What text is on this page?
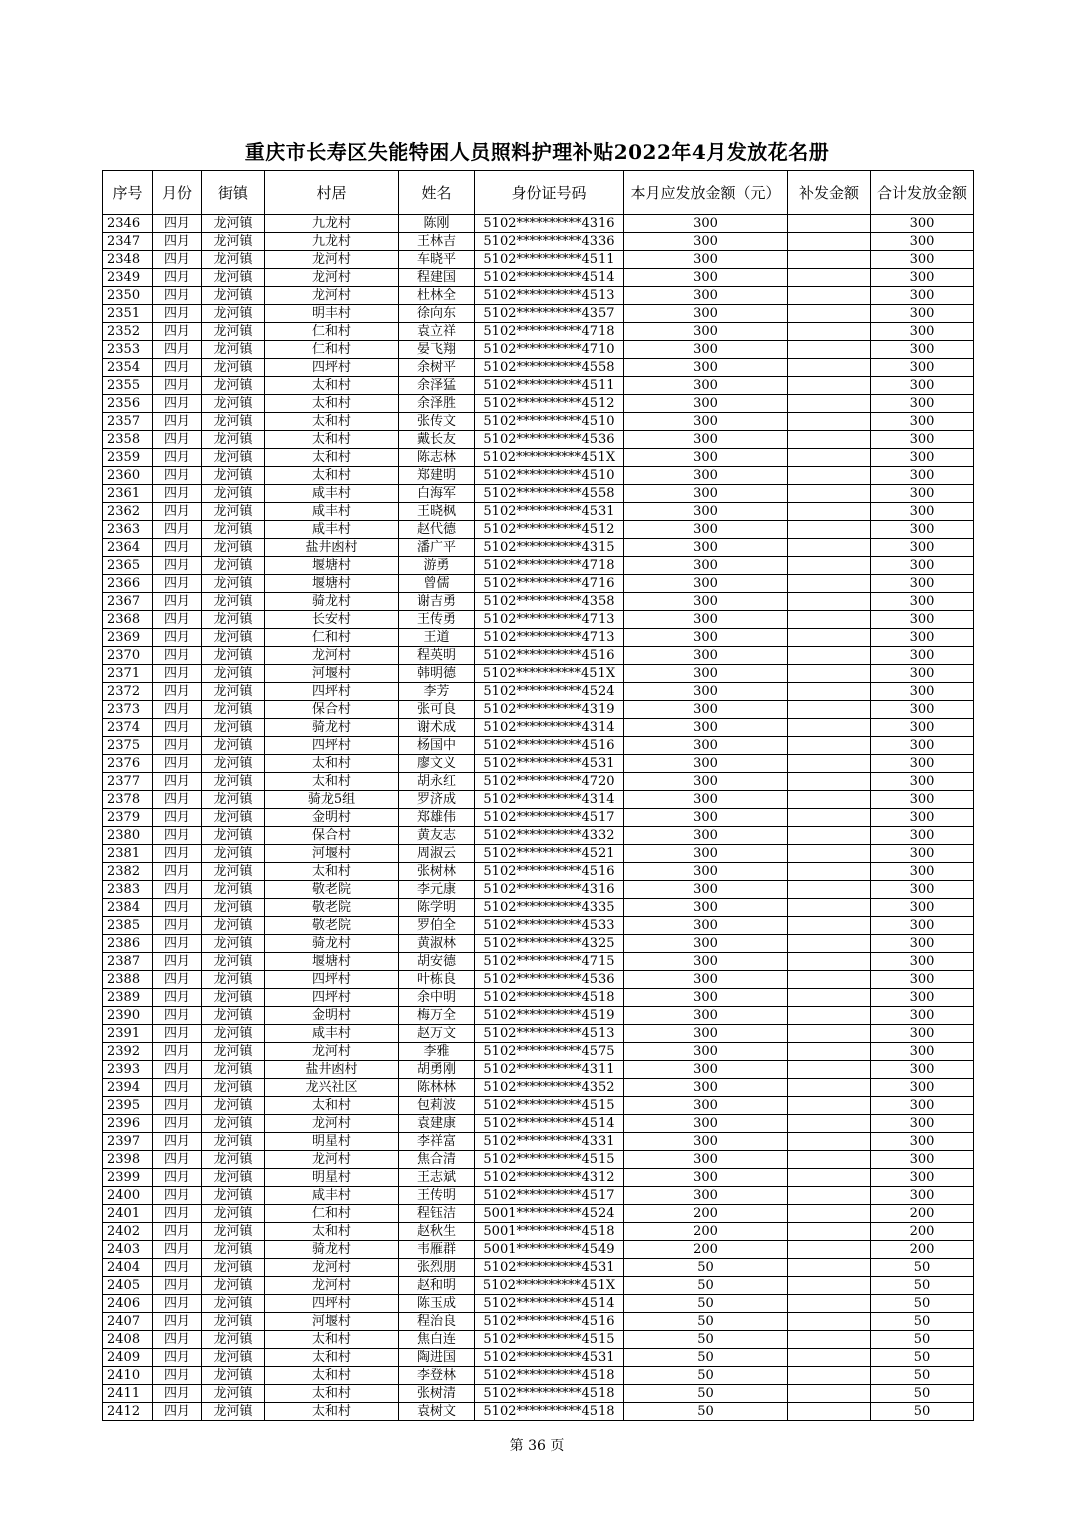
重庆市长寿区失能特困人员照料护理补贴2022年4月发放花名册
序号	月份	街镇	村居	姓名	身份证号码	本月应发放金额（元）	补发金额	合计发放金额
2346	四月	龙河镇	九龙村	陈刚	5102**********4316	300		300
2347	四月	龙河镇	九龙村	王林吉	5102**********4336	300		300
2348	四月	龙河镇	龙河村	车晓平	5102**********4511	300		300
2349	四月	龙河镇	龙河村	程建国	5102**********4514	300		300
2350	四月	龙河镇	龙河村	杜林全	5102**********4513	300		300
2351	四月	龙河镇	明丰村	徐向东	5102**********4357	300		300
2352	四月	龙河镇	仁和村	袁立祥	5102**********4718	300		300
2353	四月	龙河镇	仁和村	晏飞翔	5102**********4710	300		300
2354	四月	龙河镇	四坪村	余树平	5102**********4558	300		300
2355	四月	龙河镇	太和村	余泽猛	5102**********4511	300		300
2356	四月	龙河镇	太和村	余泽胜	5102**********4512	300		300
2357	四月	龙河镇	太和村	张传文	5102**********4510	300		300
2358	四月	龙河镇	太和村	戴长友	5102**********4536	300		300
2359	四月	龙河镇	太和村	陈志林	5102**********451X	300		300
2360	四月	龙河镇	太和村	郑建明	5102**********4510	300		300
2361	四月	龙河镇	咸丰村	白海军	5102**********4558	300		300
2362	四月	龙河镇	咸丰村	王晓枫	5102**********4531	300		300
2363	四月	龙河镇	咸丰村	赵代德	5102**********4512	300		300
2364	四月	龙河镇	盐井凼村	潘广平	5102**********4315	300		300
2365	四月	龙河镇	堰塘村	游勇	5102**********4718	300		300
2366	四月	龙河镇	堰塘村	曾儒	5102**********4716	300		300
2367	四月	龙河镇	骑龙村	谢吉勇	5102**********4358	300		300
2368	四月	龙河镇	长安村	王传勇	5102**********4713	300		300
2369	四月	龙河镇	仁和村	王道	5102**********4713	300		300
2370	四月	龙河镇	龙河村	程英明	5102**********4516	300		300
2371	四月	龙河镇	河堰村	韩明德	5102**********451X	300		300
2372	四月	龙河镇	四坪村	李芳	5102**********4524	300		300
2373	四月	龙河镇	保合村	张可良	5102**********4319	300		300
2374	四月	龙河镇	骑龙村	谢术成	5102**********4314	300		300
2375	四月	龙河镇	四坪村	杨国中	5102**********4516	300		300
2376	四月	龙河镇	太和村	廖文义	5102**********4531	300		300
2377	四月	龙河镇	太和村	胡永红	5102**********4720	300		300
2378	四月	龙河镇	骑龙5组	罗济成	5102**********4314	300		300
2379	四月	龙河镇	金明村	郑雄伟	5102**********4517	300		300
2380	四月	龙河镇	保合村	黄友志	5102**********4332	300		300
2381	四月	龙河镇	河堰村	周淑云	5102**********4521	300		300
2382	四月	龙河镇	太和村	张树林	5102**********4516	300		300
2383	四月	龙河镇	敬老院	李元康	5102**********4316	300		300
2384	四月	龙河镇	敬老院	陈学明	5102**********4335	300		300
2385	四月	龙河镇	敬老院	罗伯全	5102**********4533	300		300
2386	四月	龙河镇	骑龙村	黄淑林	5102**********4325	300		300
2387	四月	龙河镇	堰塘村	胡安德	5102**********4715	300		300
2388	四月	龙河镇	四坪村	叶栋良	5102**********4536	300		300
2389	四月	龙河镇	四坪村	余中明	5102**********4518	300		300
2390	四月	龙河镇	金明村	梅万全	5102**********4519	300		300
2391	四月	龙河镇	咸丰村	赵万文	5102**********4513	300		300
2392	四月	龙河镇	龙河村	李雅	5102**********4575	300		300
2393	四月	龙河镇	盐井凼村	胡勇刚	5102**********4311	300		300
2394	四月	龙河镇	龙兴社区	陈林林	5102**********4352	300		300
2395	四月	龙河镇	太和村	包莉波	5102**********4515	300		300
2396	四月	龙河镇	龙河村	袁建康	5102**********4514	300		300
2397	四月	龙河镇	明星村	李祥富	5102**********4331	300		300
2398	四月	龙河镇	龙河村	焦合清	5102**********4515	300		300
2399	四月	龙河镇	明星村	王志斌	5102**********4312	300		300
2400	四月	龙河镇	咸丰村	王传明	5102**********4517	300		300
2401	四月	龙河镇	仁和村	程钰洁	5001**********4524	200		200
2402	四月	龙河镇	太和村	赵秋生	5001**********4518	200		200
2403	四月	龙河镇	骑龙村	韦雁群	5001**********4549	200		200
2404	四月	龙河镇	龙河村	张烈朋	5102**********4531	50		50
2405	四月	龙河镇	龙河村	赵和明	5102**********451X	50		50
2406	四月	龙河镇	四坪村	陈玉成	5102**********4514	50		50
2407	四月	龙河镇	河堰村	程治良	5102**********4516	50		50
2408	四月	龙河镇	太和村	焦白连	5102**********4515	50		50
2409	四月	龙河镇	太和村	陶进国	5102**********4531	50		50
2410	四月	龙河镇	太和村	李登林	5102**********4518	50		50
2411	四月	龙河镇	太和村	张树清	5102**********4518	50		50
2412	四月	龙河镇	太和村	袁树文	5102**********4518	50		50
第 36 页
